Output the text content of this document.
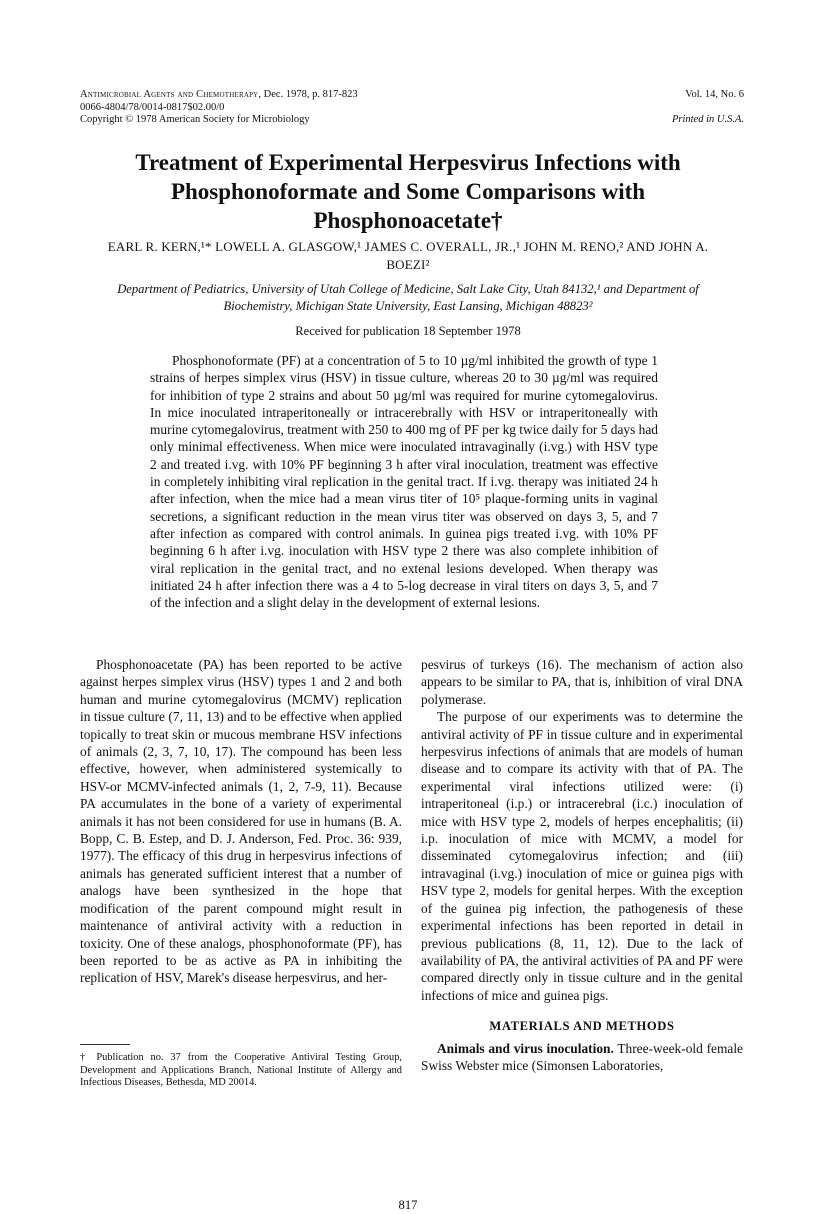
Antimicrobial Agents and Chemotherapy, Dec. 1978, p. 817-823
0066-4804/78/0014-0817$02.00/0
Copyright © 1978 American Society for Microbiology
Vol. 14, No. 6

Printed in U.S.A.
Treatment of Experimental Herpesvirus Infections with Phosphonoformate and Some Comparisons with Phosphonoacetate†
EARL R. KERN,¹* LOWELL A. GLASGOW,¹ JAMES C. OVERALL, JR.,¹ JOHN M. RENO,² AND JOHN A. BOEZI²
Department of Pediatrics, University of Utah College of Medicine, Salt Lake City, Utah 84132,¹ and Department of Biochemistry, Michigan State University, East Lansing, Michigan 48823²
Received for publication 18 September 1978

Phosphonoformate (PF) at a concentration of 5 to 10 µg/ml inhibited the growth of type 1 strains of herpes simplex virus (HSV) in tissue culture, whereas 20 to 30 µg/ml was required for inhibition of type 2 strains and about 50 µg/ml was required for murine cytomegalovirus. In mice inoculated intraperitoneally or intracerebrally with HSV or intraperitoneally with murine cytomegalovirus, treatment with 250 to 400 mg of PF per kg twice daily for 5 days had only minimal effectiveness. When mice were inoculated intravaginally (i.vg.) with HSV type 2 and treated i.vg. with 10% PF beginning 3 h after viral inoculation, treatment was effective in completely inhibiting viral replication in the genital tract. If i.vg. therapy was initiated 24 h after infection, when the mice had a mean virus titer of 10⁵ plaque-forming units in vaginal secretions, a significant reduction in the mean virus titer was observed on days 3, 5, and 7 after infection as compared with control animals. In guinea pigs treated i.vg. with 10% PF beginning 6 h after i.vg. inoculation with HSV type 2 there was also complete inhibition of viral replication in the genital tract, and no extenal lesions developed. When therapy was initiated 24 h after infection there was a 4 to 5-log decrease in viral titers on days 3, 5, and 7 of the infection and a slight delay in the development of external lesions.

Phosphonoacetate (PA) has been reported to be active against herpes simplex virus (HSV) types 1 and 2 and both human and murine cytomegalovirus (MCMV) replication in tissue culture (7, 11, 13) and to be effective when applied topically to treat skin or mucous membrane HSV infections of animals (2, 3, 7, 10, 17). The compound has been less effective, however, when administered systemically to HSV-or MCMV-infected animals (1, 2, 7-9, 11). Because PA accumulates in the bone of a variety of experimental animals it has not been considered for use in humans (B. A. Bopp, C. B. Estep, and D. J. Anderson, Fed. Proc. 36: 939, 1977). The efficacy of this drug in herpesvirus infections of animals has generated sufficient interest that a number of analogs have been synthesized in the hope that modification of the parent compound might result in maintenance of antiviral activity with a reduction in toxicity. One of these analogs, phosphonoformate (PF), has been reported to be as active as PA in inhibiting the replication of HSV, Marek's disease herpesvirus, and her-

pesvirus of turkeys (16). The mechanism of action also appears to be similar to PA, that is, inhibition of viral DNA polymerase.

The purpose of our experiments was to determine the antiviral activity of PF in tissue culture and in experimental herpesvirus infections of animals that are models of human disease and to compare its activity with that of PA. The experimental viral infections utilized were: (i) intraperitoneal (i.p.) or intracerebral (i.c.) inoculation of mice with HSV type 2, models of herpes encephalitis; (ii) i.p. inoculation of mice with MCMV, a model for disseminated cytomegalovirus infection; and (iii) intravaginal (i.vg.) inoculation of mice or guinea pigs with HSV type 2, models for genital herpes. With the exception of the guinea pig infection, the pathogenesis of these experimental infections has been reported in detail in previous publications (8, 11, 12). Due to the lack of availability of PA, the antiviral activities of PA and PF were compared directly only in tissue culture and in the genital infections of mice and guinea pigs.

MATERIALS AND METHODS

Animals and virus inoculation. Three-week-old female Swiss Webster mice (Simonsen Laboratories,

† Publication no. 37 from the Cooperative Antiviral Testing Group, Development and Applications Branch, National Institute of Allergy and Infectious Diseases, Bethesda, MD 20014.
817
